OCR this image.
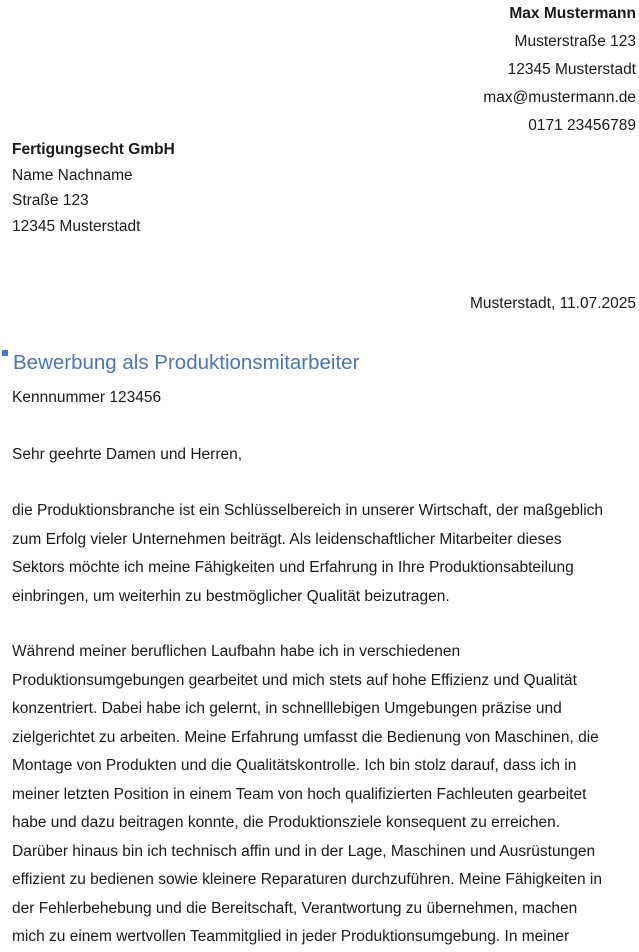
Max Mustermann
Musterstraße 123
12345 Musterstadt
max@mustermann.de
0171 23456789
Fertigungsecht GmbH
Name Nachname
Straße 123
12345 Musterstadt
Musterstadt, 11.07.2025
Bewerbung als Produktionsmitarbeiter
Kennnummer 123456
Sehr geehrte Damen und Herren,
die Produktionsbranche ist ein Schlüsselbereich in unserer Wirtschaft, der maßgeblich
zum Erfolg vieler Unternehmen beiträgt. Als leidenschaftlicher Mitarbeiter dieses
Sektors möchte ich meine Fähigkeiten und Erfahrung in Ihre Produktionsabteilung
einbringen, um weiterhin zu bestmöglicher Qualität beizutragen.
Während meiner beruflichen Laufbahn habe ich in verschiedenen
Produktionsumgebungen gearbeitet und mich stets auf hohe Effizienz und Qualität
konzentriert. Dabei habe ich gelernt, in schnelllebigen Umgebungen präzise und
zielgerichtet zu arbeiten. Meine Erfahrung umfasst die Bedienung von Maschinen, die
Montage von Produkten und die Qualitätskontrolle. Ich bin stolz darauf, dass ich in
meiner letzten Position in einem Team von hoch qualifizierten Fachleuten gearbeitet
habe und dazu beitragen konnte, die Produktionsziele konsequent zu erreichen.
Darüber hinaus bin ich technisch affin und in der Lage, Maschinen und Ausrüstungen
effizient zu bedienen sowie kleinere Reparaturen durchzuführen. Meine Fähigkeiten in
der Fehlerbehebung und die Bereitschaft, Verantwortung zu übernehmen, machen
mich zu einem wertvollen Teammitglied in jeder Produktionsumgebung. In meiner
